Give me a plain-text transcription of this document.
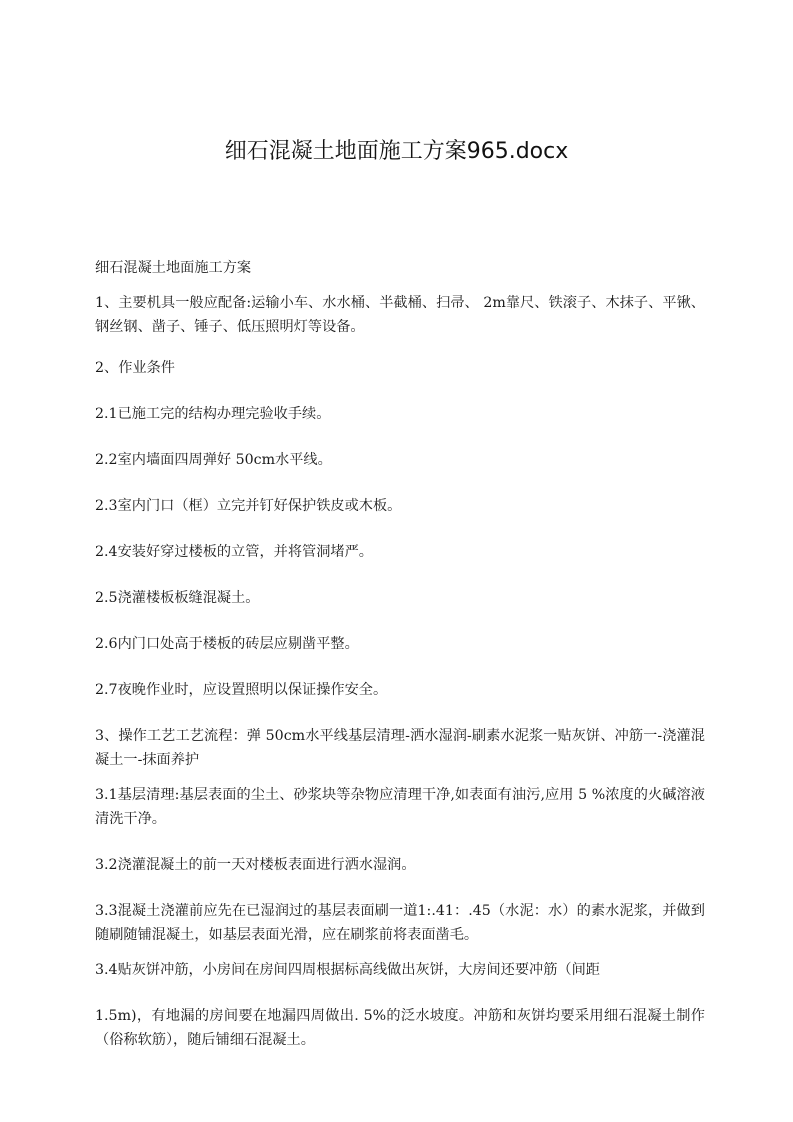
细石混凝土地面施工方案965.docx

细石混凝土地面施工方案

1、主要机具一般应配备:运输小车、水水桶、半截桶、扫帚、 2m靠尺、铁滚子、木抹子、平锹、钢丝钢、凿子、锤子、低压照明灯等设备。

2、作业条件

2.1已施工完的结构办理完验收手续。

2.2室内墙面四周弹好 50cm水平线。

2.3室内门口（框）立完并钉好保护铁皮或木板。

2.4安装好穿过楼板的立管，并将管洞堵严。

2.5浇灌楼板板缝混凝土。

2.6内门口处高于楼板的砖层应剔凿平整。

2.7夜晚作业时，应设置照明以保证操作安全。

3、操作工艺工艺流程：弹 50cm水平线基层清理-洒水湿润-刷素水泥浆一贴灰饼、冲筋一-浇灌混凝土一-抹面养护

3.1基层清理:基层表面的尘土、砂浆块等杂物应清理干净,如表面有油污,应用 5 %浓度的火碱溶液清洗干净。

3.2浇灌混凝土的前一天对楼板表面进行洒水湿润。

3.3混凝土浇灌前应先在已湿润过的基层表面刷一道1:.41：.45（水泥：水）的素水泥浆，并做到随刷随铺混凝土，如基层表面光滑，应在刷浆前将表面凿毛。

3.4贴灰饼冲筋，小房间在房间四周根据标高线做出灰饼，大房间还要冲筋（间距

1.5m)，有地漏的房间要在地漏四周做出. 5%的泛水坡度。冲筋和灰饼均要采用细石混凝土制作（俗称软筋），随后铺细石混凝土。
